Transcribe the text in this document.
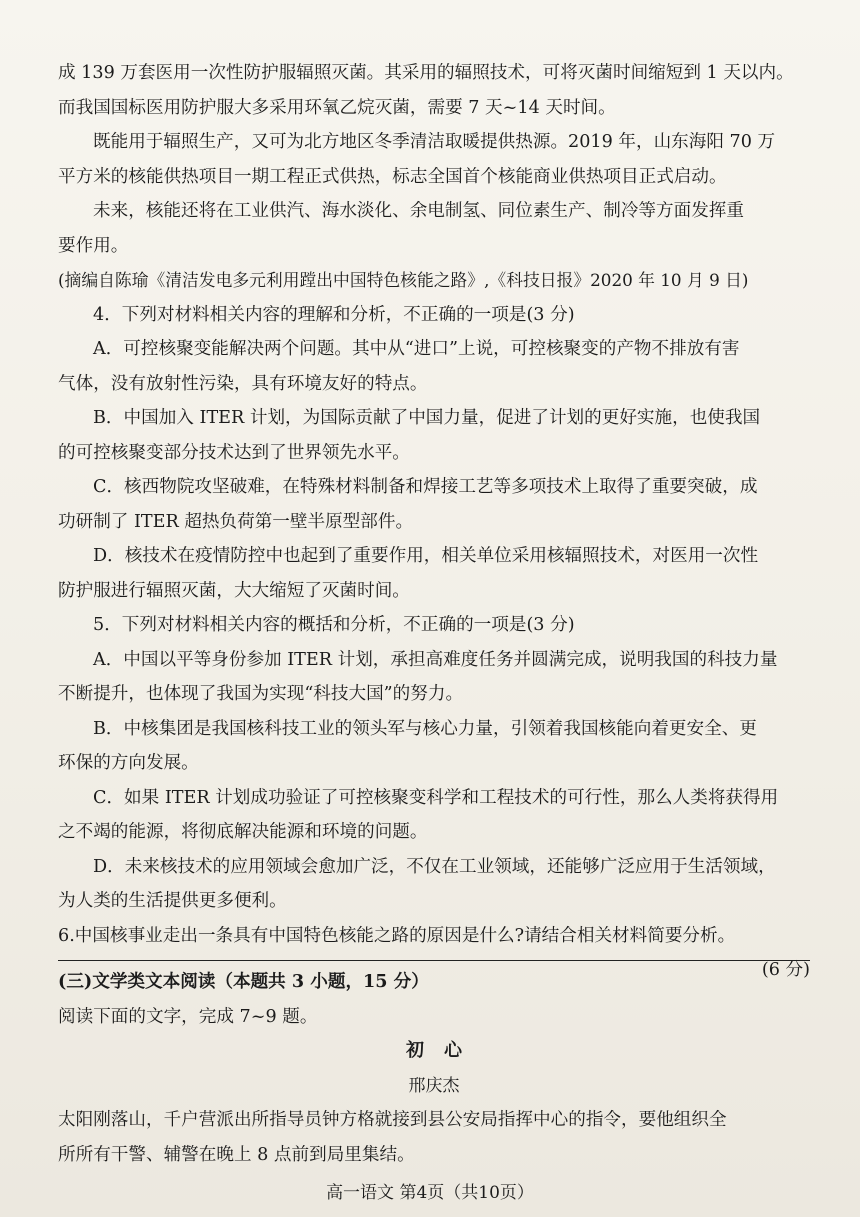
成 139 万套医用一次性防护服辐照灭菌。其采用的辐照技术，可将灭菌时间缩短到 1 天以内。

而我国国标医用防护服大多采用环氧乙烷灭菌，需要 7 天~14 天时间。

既能用于辐照生产，又可为北方地区冬季清洁取暖提供热源。2019 年，山东海阳 70 万

平方米的核能供热项目一期工程正式供热，标志全国首个核能商业供热项目正式启动。

未来，核能还将在工业供汽、海水淡化、余电制氢、同位素生产、制冷等方面发挥重

要作用。

(摘编自陈瑜《清洁发电多元利用蹚出中国特色核能之路》,《科技日报》2020 年 10 月 9 日)

4．下列对材料相关内容的理解和分析，不正确的一项是(3 分)

A．可控核聚变能解决两个问题。其中从“进口”上说，可控核聚变的产物不排放有害

气体，没有放射性污染，具有环境友好的特点。

B．中国加入 ITER 计划，为国际贡献了中国力量，促进了计划的更好实施，也使我国

的可控核聚变部分技术达到了世界领先水平。

C．核西物院攻坚破难，在特殊材料制备和焊接工艺等多项技术上取得了重要突破，成

功研制了 ITER 超热负荷第一壁半原型部件。

D．核技术在疫情防控中也起到了重要作用，相关单位采用核辐照技术，对医用一次性

防护服进行辐照灭菌，大大缩短了灭菌时间。

5．下列对材料相关内容的概括和分析，不正确的一项是(3 分)

A．中国以平等身份参加 ITER 计划，承担高难度任务并圆满完成，说明我国的科技力量

不断提升，也体现了我国为实现“科技大国”的努力。

B．中核集团是我国核科技工业的领头军与核心力量，引领着我国核能向着更安全、更

环保的方向发展。

C．如果 ITER 计划成功验证了可控核聚变科学和工程技术的可行性，那么人类将获得用

之不竭的能源，将彻底解决能源和环境的问题。

D．未来核技术的应用领域会愈加广泛，不仅在工业领域，还能够广泛应用于生活领域，

为人类的生活提供更多便利。

6.中国核事业走出一条具有中国特色核能之路的原因是什么?请结合相关材料简要分析。

(6 分)

(三)文学类文本阅读（本题共 3 小题，15 分）

阅读下面的文字，完成 7~9 题。

初心

邢庆杰

太阳刚落山，千户营派出所指导员钟方格就接到县公安局指挥中心的指令，要他组织全

所所有干警、辅警在晚上 8 点前到局里集结。

高一语文 第4页（共10页）
